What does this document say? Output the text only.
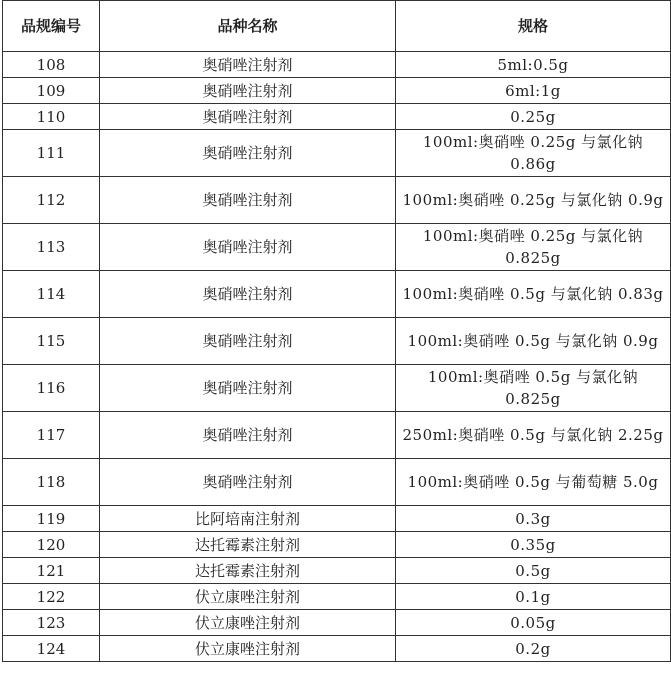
品规编号	品种名称	规格
108	奥硝唑注射剂	5ml:0.5g
109	奥硝唑注射剂	6ml:1g
110	奥硝唑注射剂	0.25g
111	奥硝唑注射剂	100ml:奥硝唑 0.25g 与氯化钠 0.86g
112	奥硝唑注射剂	100ml:奥硝唑 0.25g 与氯化钠 0.9g
113	奥硝唑注射剂	100ml:奥硝唑 0.25g 与氯化钠 0.825g
114	奥硝唑注射剂	100ml:奥硝唑 0.5g 与氯化钠 0.83g
115	奥硝唑注射剂	100ml:奥硝唑 0.5g 与氯化钠 0.9g
116	奥硝唑注射剂	100ml:奥硝唑 0.5g 与氯化钠 0.825g
117	奥硝唑注射剂	250ml:奥硝唑 0.5g 与氯化钠 2.25g
118	奥硝唑注射剂	100ml:奥硝唑 0.5g 与葡萄糖 5.0g
119	比阿培南注射剂	0.3g
120	达托霉素注射剂	0.35g
121	达托霉素注射剂	0.5g
122	伏立康唑注射剂	0.1g
123	伏立康唑注射剂	0.05g
124	伏立康唑注射剂	0.2g
